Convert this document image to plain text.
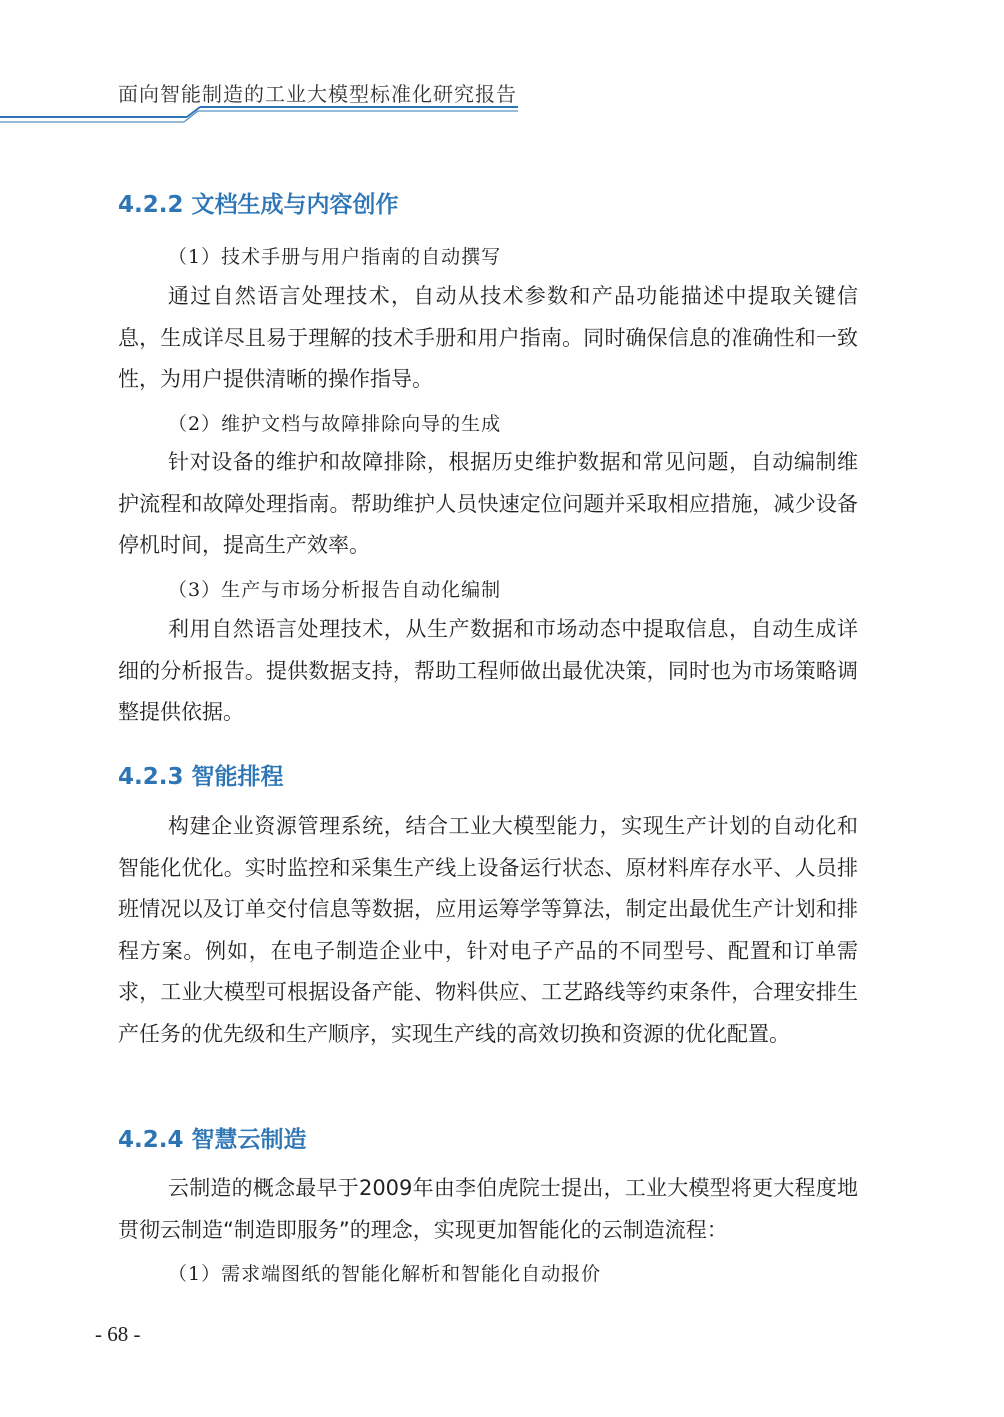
面向智能制造的工业大模型标准化研究报告
4.2.2 文档生成与内容创作
（1）技术手册与用户指南的自动撰写

通过自然语言处理技术，自动从技术参数和产品功能描述中提取关键信息，生成详尽且易于理解的技术手册和用户指南。同时确保信息的准确性和一致性，为用户提供清晰的操作指导。

（2）维护文档与故障排除向导的生成

针对设备的维护和故障排除，根据历史维护数据和常见问题，自动编制维护流程和故障处理指南。帮助维护人员快速定位问题并采取相应措施，减少设备停机时间，提高生产效率。

（3）生产与市场分析报告自动化编制

利用自然语言处理技术，从生产数据和市场动态中提取信息，自动生成详细的分析报告。提供数据支持，帮助工程师做出最优决策，同时也为市场策略调整提供依据。

4.2.3 智能排程

构建企业资源管理系统，结合工业大模型能力，实现生产计划的自动化和智能化优化。实时监控和采集生产线上设备运行状态、原材料库存水平、人员排班情况以及订单交付信息等数据，应用运筹学等算法，制定出最优生产计划和排程方案。例如，在电子制造企业中，针对电子产品的不同型号、配置和订单需求，工业大模型可根据设备产能、物料供应、工艺路线等约束条件，合理安排生产任务的优先级和生产顺序，实现生产线的高效切换和资源的优化配置。

4.2.4 智慧云制造

云制造的概念最早于2009年由李伯虎院士提出，工业大模型将更大程度地贯彻云制造“制造即服务”的理念，实现更加智能化的云制造流程：

（1）需求端图纸的智能化解析和智能化自动报价
- 68 -
